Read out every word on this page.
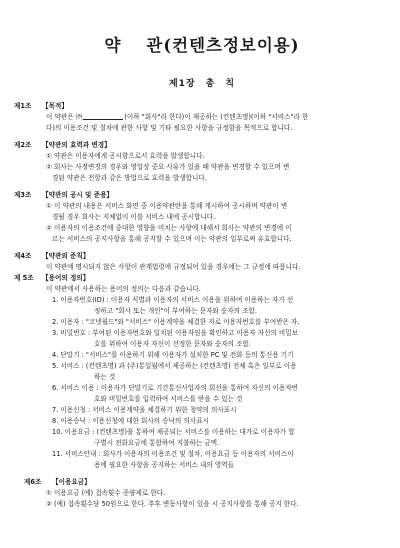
약 관(컨텐츠정보이용)
제1장 총 칙
제1조 【목적】
이 약관은 ㈜	(이하 "회사"라 한다)이 제공하는 (컨텐츠명)(이하 "서비스"라 한
다)의 이용조건 및 절차에 관한 사항 및 기타 필요한 사항을 규정함을 목적으로 합니다.
제2조 【약관의 효력과 변경】
① 약관은 이용자에게 공시함으로서 효력을 발생합니다.
② 회사는 사정변경의 경우와 영업상 중요 사유가 있을 때 약관을 변경할 수 있으며 변
경된 약관은 전항과 같은 방법으로 효력을 발생합니다.
제3조 【약관의 공시 및 준용】
① 이 약관의 내용은 서비스 화면 중 이용약관란을 통해 게시하여 공시하며 약관이 변
경될 경우 회사는 지체없이 이를 서비스 내에 공시합니다.
② 이용자의 이용조건에 중대한 영향을 미치는 사항에 대해서 회사는 약관의 변경에 이
르는 서비스의 공지사항을 통해 공지할 수 있으며 이는 약관의 일부로써 유효합니다.
제4조 【약관외 준칙】
이 약관에 명시되지 않은 사항이 관계법령에 규정되어 있을 경우에는 그 규정에 따릅니다.
제 5조 【용어의 정의】
이 약관에서 사용하는 용어의 정의는 다음과 같습니다.
1. 이용자번호(ID) : 이용자 식별과 이용자의 서비스 이용을 위하여 이용하는 자가 선
정하고 "회사 또는 개인"이 부여하는 문자와 숫자의 조합.
2. 이용자 : "코넷월드"와 "서비스" 이용계약을 체결한 자로 이용자번호를 부여받은 자.
3. 비밀번호 : 부여된 이용자번호와 일치된 이용자임을 확인하고 이용자 자신의 비밀보
호를 위하여 이용자 자신이 선정한 문자와 숫자의 조합.
4. 단말기 : "서비스"를 이용하기 위해 이용자가 설치한 PC 및 전화 등의 통신용 기기
5. 서비스 : (컨텐츠명) 과 (주)통일월에서 제공하는 (컨텐츠명) 전체 혹은 일부로 이용
하는 것
6. 서비스 이용 : 이용자가 단말기로 기간통신사업자의 회선을 통하여 자신의 이용자번
호와 비밀번호를 입력하여 서비스를 받을 수 있는 것
7. 이용신청 : 서비스 이용계약을 체결하기 위한 청약의 의사표시
8. 이용승낙 : 이용신청에 대한 회사의 승낙의 의사표시
10. 이용요금 : (컨텐츠명)을 통하여 제공되는 서비스를 이용하는 대가로 이용자가 합
구별시 전화요금에 통합하여 지불하는 금액.
11. 서비스안내 : 회사가 이용자의 이용조건 및 절차, 이용요금 등 이용자의 서비스이
용에 필요한 사항을 공지하는 서비스 내의 영역들
제6조 【이용요금】
① 이용요금 (예) 접속횟수 종량제로 한다.
② (예) 접속횟수당 50원으로 한다. 추후 변동사항이 있을 시 공지사항를 통해 공지 한다.
